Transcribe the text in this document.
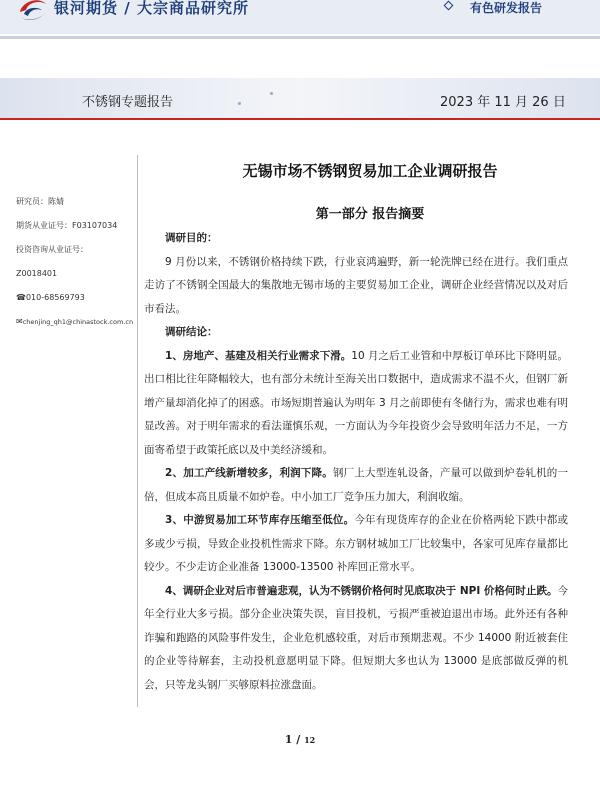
银河期货 / 大宗商品研究所	有色研发报告
不锈钢专题报告	2023 年 11 月 26 日
研究员：陈婧
期货从业证号：F03107034
投资咨询从业证号：
Z0018401
☎010-68569793
✉chenjing_qh1@chinastock.com.cn
无锡市场不锈钢贸易加工企业调研报告
第一部分 报告摘要

调研目的：

9 月份以来，不锈钢价格持续下跌，行业哀鸿遍野，新一轮洗牌已经在进行。我们重点走访了不锈钢全国最大的集散地无锡市场的主要贸易加工企业，调研企业经营情况以及对后市看法。

调研结论：

1、房地产、基建及相关行业需求下滑。10 月之后工业管和中厚板订单环比下降明显。出口相比往年降幅较大，也有部分未统计至海关出口数据中，造成需求不温不火，但钢厂新增产量却消化掉了的困惑。市场短期普遍认为明年 3 月之前即使有冬储行为，需求也难有明显改善。对于明年需求的看法谨慎乐观，一方面认为今年投资少会导致明年活力不足，一方面寄希望于政策托底以及中美经济缓和。

2、加工产线新增较多，利润下降。钢厂上大型连轧设备，产量可以做到炉卷轧机的一倍，但成本高且质量不如炉卷。中小加工厂竞争压力加大，利润收缩。

3、中游贸易加工环节库存压缩至低位。今年有现货库存的企业在价格两轮下跌中都或多或少亏损，导致企业投机性需求下降。东方钢材城加工厂比较集中，各家可见库存量都比较少。不少走访企业准备 13000-13500 补库回正常水平。

4、调研企业对后市普遍悲观，认为不锈钢价格何时见底取决于 NPI 价格何时止跌。今年全行业大多亏损。部分企业决策失误，盲目投机，亏损严重被迫退出市场。此外还有各种诈骗和跑路的风险事件发生，企业危机感较重，对后市预期悲观。不少 14000 附近被套住的企业等待解套，主动投机意愿明显下降。但短期大多也认为 13000 是底部做反弹的机会，只等龙头钢厂买够原料拉涨盘面。

1 / 12
